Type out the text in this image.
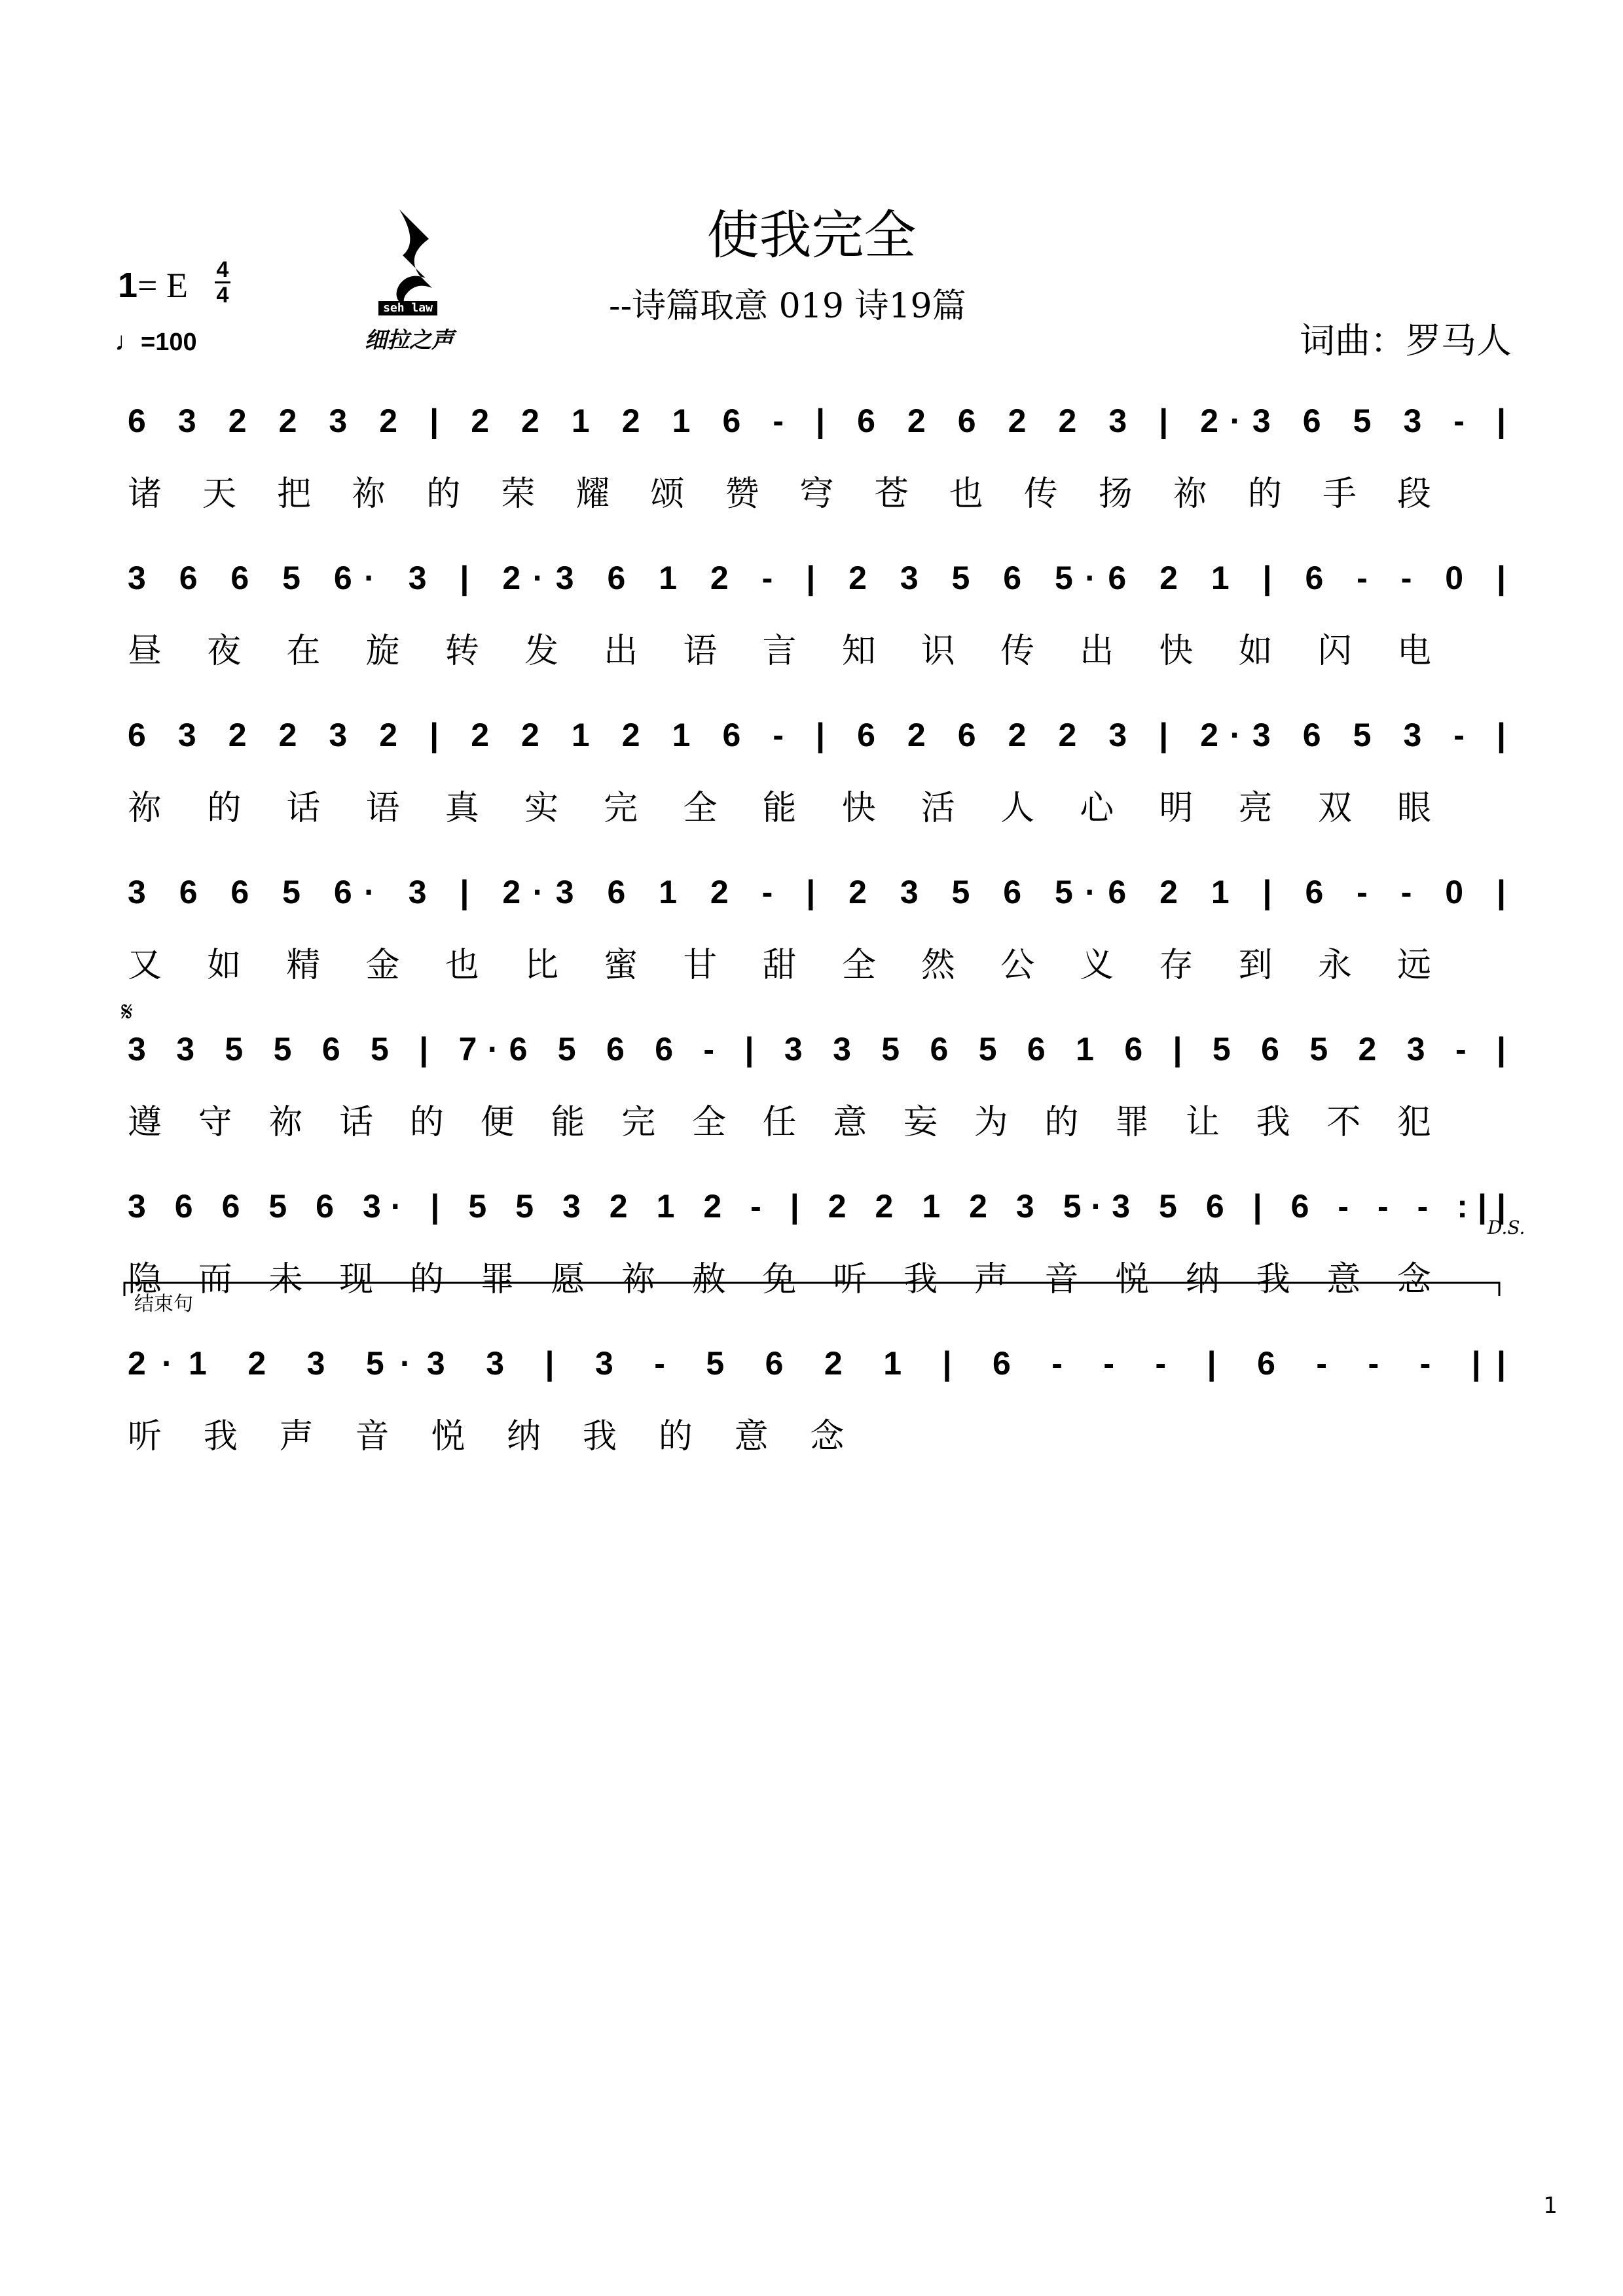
使我完全
--诗篇取意 019 诗19篇
词曲：罗马人
1= E 4
4
♩=100
seh law
细拉之声
结束句
D.S.
𝄋
6 3 2 2 3 2 | 2 2 1 2 1 6 - | 6 2 6 2 2 3 | 2·3 6 5 3 - |
诸 天 把 祢 的 荣 耀 颂 赞 穹 苍 也 传 扬 祢 的 手 段
3 6 6 5 6· 3 | 2·3 6 1 2 - | 2 3 5 6 5·6 2 1 | 6 - - 0 |
昼 夜 在 旋 转 发 出 语 言 知 识 传 出 快 如 闪 电
6 3 2 2 3 2 | 2 2 1 2 1 6 - | 6 2 6 2 2 3 | 2·3 6 5 3 - |
祢 的 话 语 真 实 完 全 能 快 活 人 心 明 亮 双 眼
3 6 6 5 6· 3 | 2·3 6 1 2 - | 2 3 5 6 5·6 2 1 | 6 - - 0 |
又 如 精 金 也 比 蜜 甘 甜 全 然 公 义 存 到 永 远
3 3 5 5 6 5 | 7·6 5 6 6 - | 3 3 5 6 5 6 1 6 | 5 6 5 2 3 - |
遵 守 祢 话 的 便 能 完 全 任 意 妄 为 的 罪 让 我 不 犯
3 6 6 5 6 3· | 5 5 3 2 1 2 - | 2 2 1 2 3 5·3 5 6 | 6 - - - :||
隐 而 未 现 的 罪 愿 祢 赦 免 听 我 声 音 悦 纳 我 意 念
2·1 2 3 5·3 3 | 3 - 5 6 2 1 | 6 - - - | 6 - - - ||
听 我 声 音 悦 纳 我 的 意 念
1
